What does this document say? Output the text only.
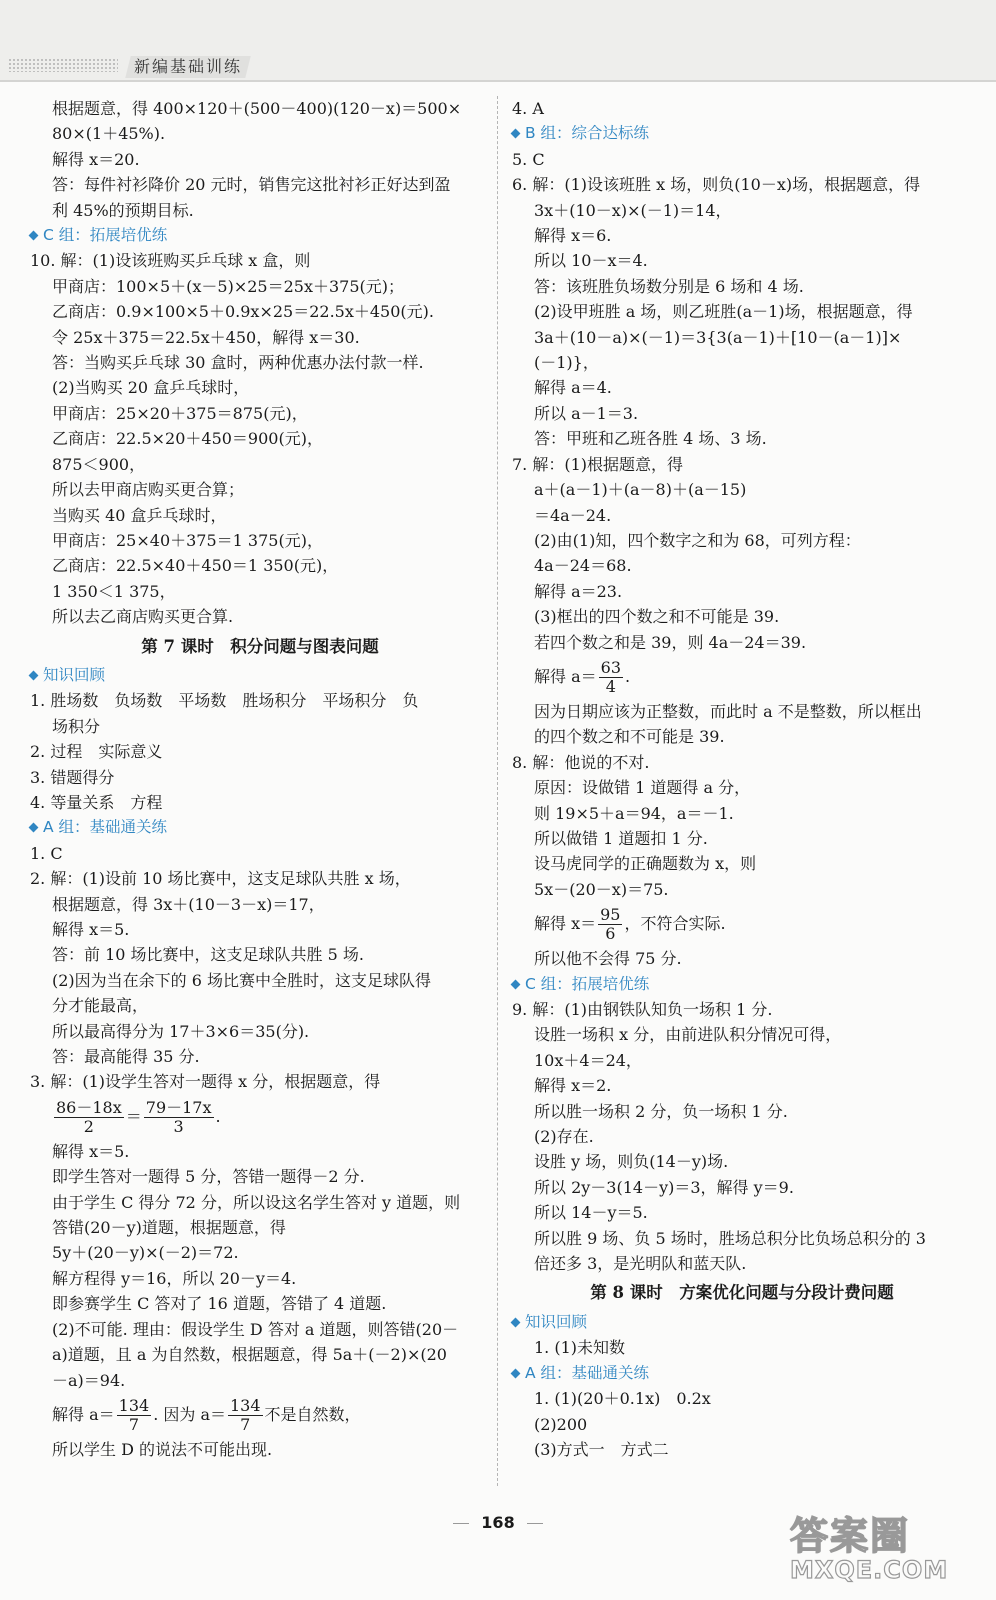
新编基础训练
根据题意，得 400×120＋(500－400)(120－x)＝500×
80×(1＋45%).
解得 x＝20.
答：每件衬衫降价 20 元时，销售完这批衬衫正好达到盈
利 45%的预期目标.
C 组：拓展培优练
10. 解：(1)设该班购买乒乓球 x 盒，则
甲商店：100×5＋(x－5)×25＝25x＋375(元)；
乙商店：0.9×100×5＋0.9x×25＝22.5x＋450(元).
令 25x＋375＝22.5x＋450，解得 x＝30.
答：当购买乒乓球 30 盒时，两种优惠办法付款一样.
(2)当购买 20 盒乒乓球时，
甲商店：25×20＋375＝875(元)，
乙商店：22.5×20＋450＝900(元)，
875＜900，
所以去甲商店购买更合算；
当购买 40 盒乒乓球时，
甲商店：25×40＋375＝1 375(元)，
乙商店：22.5×40＋450＝1 350(元)，
1 350＜1 375，
所以去乙商店购买更合算.
第 7 课时　积分问题与图表问题
知识回顾
1. 胜场数　负场数　平场数　胜场积分　平场积分　负
场积分
2. 过程　实际意义
3. 错题得分
4. 等量关系　方程
A 组：基础通关练
1. C
2. 解：(1)设前 10 场比赛中，这支足球队共胜 x 场，
根据题意，得 3x＋(10－3－x)＝17，
解得 x＝5.
答：前 10 场比赛中，这支足球队共胜 5 场.
(2)因为当在余下的 6 场比赛中全胜时，这支足球队得
分才能最高，
所以最高得分为 17＋3×6＝35(分).
答：最高能得 35 分.
3. 解：(1)设学生答对一题得 x 分，根据题意，得
$\frac{86-18x}{2} = \frac{79-17x}{3}$ .
解得 x＝5.
即学生答对一题得 5 分，答错一题得－2 分.
由于学生 C 得分 72 分，所以设这名学生答对 y 道题，则
答错(20－y)道题，根据题意，得
5y＋(20－y)×(－2)＝72.
解方程得 y＝16，所以 20－y＝4.
即参赛学生 C 答对了 16 道题，答错了 4 道题.
(2)不可能. 理由：假设学生 D 答对 a 道题，则答错(20－
a)道题，且 a 为自然数，根据题意，得 5a＋(－2)×(20
－a)＝94.
解得 $a= \frac{134}{7}$ . 因为 $a= \frac{134}{7}$ 不是自然数，
所以学生 D 的说法不可能出现.
4. A
B 组：综合达标练
5. C
6. 解：(1)设该班胜 x 场，则负(10－x)场，根据题意，得
3x＋(10－x)×(－1)＝14，
解得 x＝6.
所以 10－x＝4.
答：该班胜负场数分别是 6 场和 4 场.
(2)设甲班胜 a 场，则乙班胜(a－1)场，根据题意，得
3a＋(10－a)×(－1)＝3{3(a－1)＋[10－(a－1)]×
(－1)}，
解得 a＝4.
所以 a－1＝3.
答：甲班和乙班各胜 4 场、3 场.
7. 解：(1)根据题意，得
a＋(a－1)＋(a－8)＋(a－15)
＝4a－24.
(2)由(1)知，四个数字之和为 68，可列方程：
4a－24＝68.
解得 a＝23.
(3)框出的四个数之和不可能是 39.
若四个数之和是 39，则 4a－24＝39.
解得 $a= \frac{63}{4}$ .
因为日期应该为正整数，而此时 a 不是整数，所以框出
的四个数之和不可能是 39.
8. 解：他说的不对.
原因：设做错 1 道题得 a 分，
则 19×5＋a＝94，a＝－1.
所以做错 1 道题扣 1 分.
设马虎同学的正确题数为 x，则
5x－(20－x)＝75.
解得 $x= \frac{95}{6}$ ，不符合实际.
所以他不会得 75 分.
C 组：拓展培优练
9. 解：(1)由钢铁队知负一场积 1 分.
设胜一场积 x 分，由前进队积分情况可得，
10x＋4＝24，
解得 x＝2.
所以胜一场积 2 分，负一场积 1 分.
(2)存在.
设胜 y 场，则负(14－y)场.
所以 2y－3(14－y)＝3，解得 y＝9.
所以 14－y＝5.
所以胜 9 场、负 5 场时，胜场总积分比负场总积分的 3
倍还多 3，是光明队和蓝天队.
第 8 课时　方案优化问题与分段计费问题
知识回顾
1. (1)未知数
A 组：基础通关练
1. (1)(20＋0.1x)　0.2x
(2)200
(3)方式一　方式二
168	答案圈
MXQE.COM
